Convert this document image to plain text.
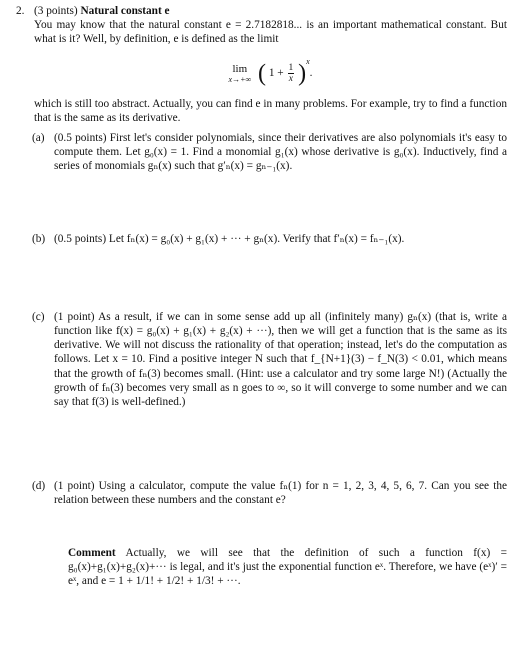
2. (3 points) Natural constant e

You may know that the natural constant e = 2.7182818... is an important mathematical constant. But what is it? Well, by definition, e is defined as the limit

lim
x→+∞ ( $1 + \frac{1}{x} )^x$.

which is still too abstract. Actually, you can find e in many problems. For example, try to find a function that is the same as its derivative.

(a) (0.5 points) First let's consider polynomials, since their derivatives are also polynomials it's easy to compute them. Let g₀(x) = 1. Find a monomial g₁(x) whose derivative is g₀(x). Inductively, find a series of monomials gₙ(x) such that g′ₙ(x) = gₙ₋₁(x).

(b) (0.5 points) Let fₙ(x) = g₀(x) + g₁(x) + ··· + gₙ(x). Verify that f′ₙ(x) = fₙ₋₁(x).

(c) (1 point) As a result, if we can in some sense add up all (infinitely many) gₙ(x) (that is, write a function like f(x) = g₀(x) + g₁(x) + g₂(x) + ···), then we will get a function that is the same as its derivative. We will not discuss the rationality of that operation; instead, let's do the computation as follows. Let x = 10. Find a positive integer N such that f_{N+1}(3) − f_N(3) < 0.01, which means that the growth of fₙ(3) becomes small. (Hint: use a calculator and try some large N!) (Actually the growth of fₙ(3) becomes very small as n goes to ∞, so it will converge to some number and we can say that f(3) is well-defined.)

(d) (1 point) Using a calculator, compute the value fₙ(1) for n = 1, 2, 3, 4, 5, 6, 7. Can you see the relation between these numbers and the constant e?

Comment Actually, we will see that the definition of such a function f(x) = g₀(x)+g₁(x)+g₂(x)+··· is legal, and it's just the exponential function eˣ. Therefore, we have (eˣ)′ = eˣ, and e = 1 + 1/1! + 1/2! + 1/3! + ···.
